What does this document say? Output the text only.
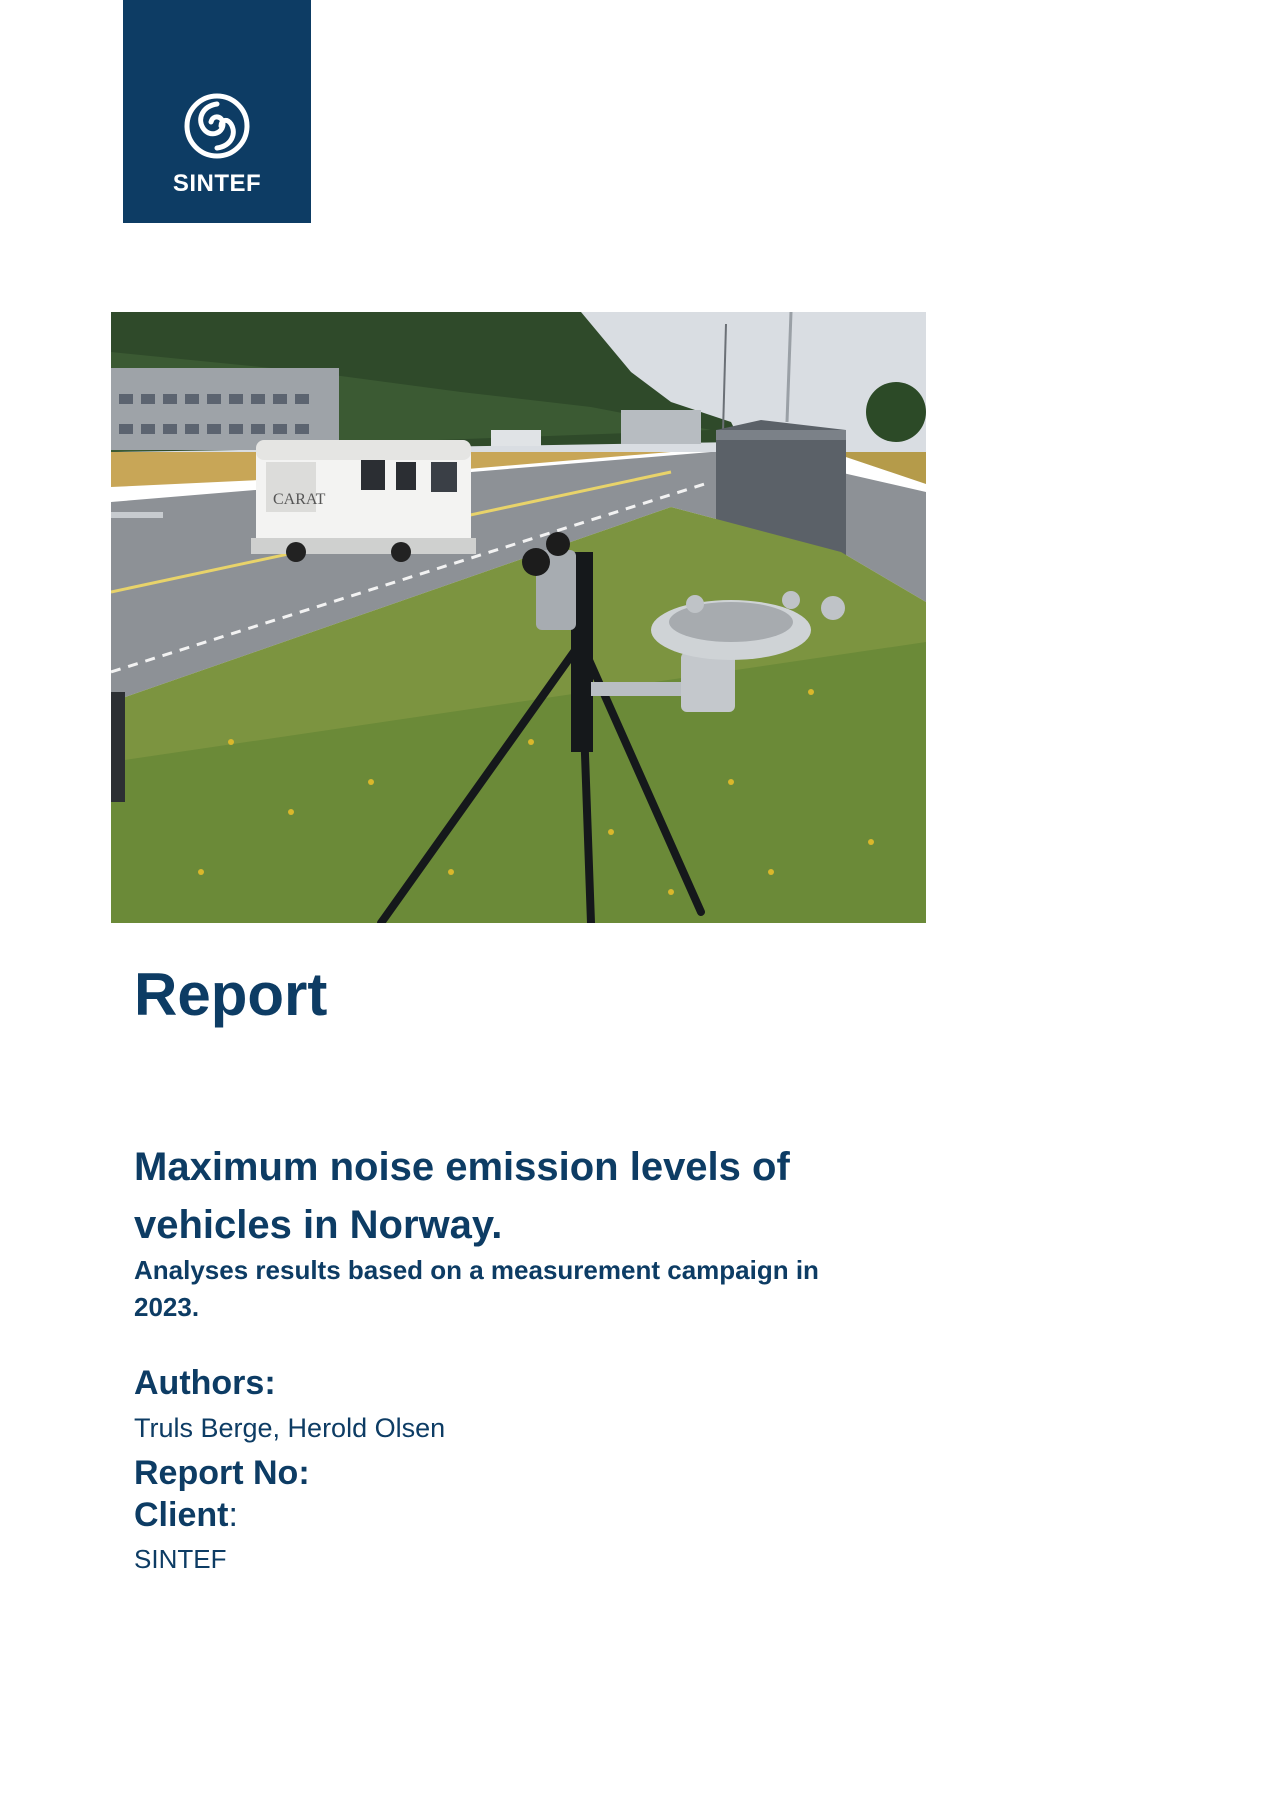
SINTEF
CARAT
Report
Maximum noise emission levels of vehicles in Norway.
Analyses results based on a measurement campaign in 2023.
Authors:
Truls Berge, Herold Olsen
Report No:
Client:
SINTEF
